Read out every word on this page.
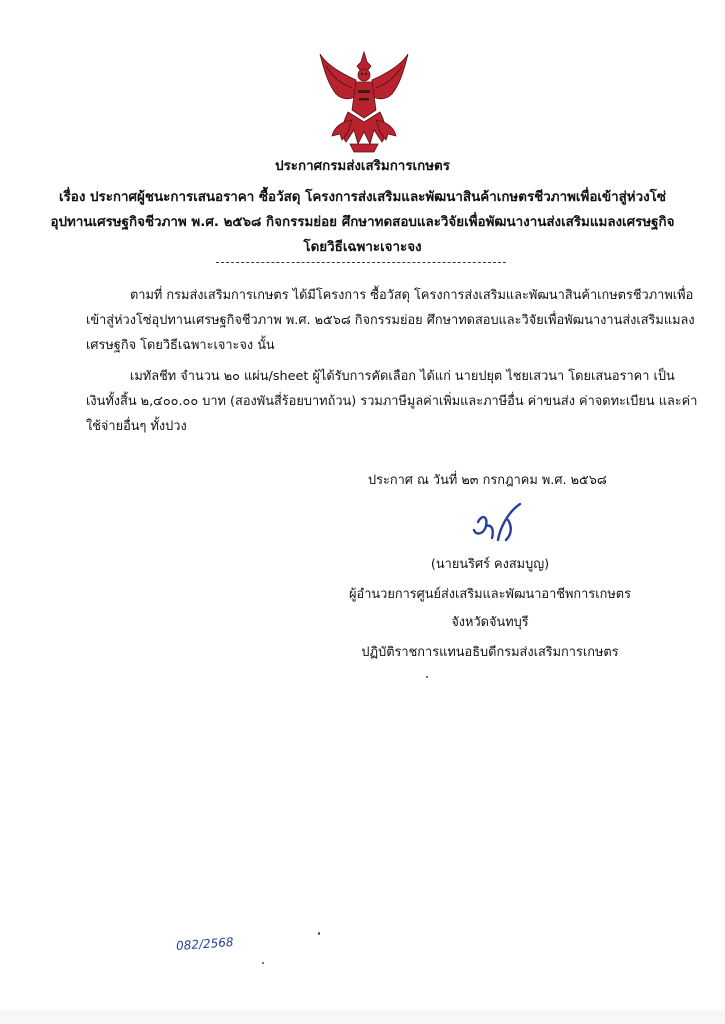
ประกาศกรมส่งเสริมการเกษตร
เรื่อง ประกาศผู้ชนะการเสนอราคา ซื้อวัสดุ โครงการส่งเสริมและพัฒนาสินค้าเกษตรชีวภาพเพื่อเข้าสู่ห่วงโซ่
อุปทานเศรษฐกิจชีวภาพ พ.ศ. ๒๕๖๘ กิจกรรมย่อย ศึกษาทดสอบและวิจัยเพื่อพัฒนางานส่งเสริมแมลงเศรษฐกิจ
โดยวิธีเฉพาะเจาะจง
ตามที่ กรมส่งเสริมการเกษตร ได้มีโครงการ ซื้อวัสดุ โครงการส่งเสริมและพัฒนาสินค้าเกษตรชีวภาพเพื่อ
เข้าสู่ห่วงโซ่อุปทานเศรษฐกิจชีวภาพ พ.ศ. ๒๕๖๘ กิจกรรมย่อย ศึกษาทดสอบและวิจัยเพื่อพัฒนางานส่งเสริมแมลง
เศรษฐกิจ โดยวิธีเฉพาะเจาะจง นั้น
เมทัลชีท จำนวน ๒๐ แผ่น/sheet ผู้ได้รับการคัดเลือก ได้แก่ นายปยุต ไชยเสวนา โดยเสนอราคา เป็น
เงินทั้งสิ้น ๒,๔๐๐.๐๐ บาท (สองพันสี่ร้อยบาทถ้วน) รวมภาษีมูลค่าเพิ่มและภาษีอื่น ค่าขนส่ง ค่าจดทะเบียน และค่า
ใช้จ่ายอื่นๆ ทั้งปวง
ประกาศ ณ วันที่ ๒๓ กรกฎาคม พ.ศ. ๒๕๖๘
(นายนริศร์ คงสมบูญ)
ผู้อำนวยการศูนย์ส่งเสริมและพัฒนาอาชีพการเกษตร
จังหวัดจันทบุรี
ปฏิบัติราชการแทนอธิบดีกรมส่งเสริมการเกษตร
082/2568
